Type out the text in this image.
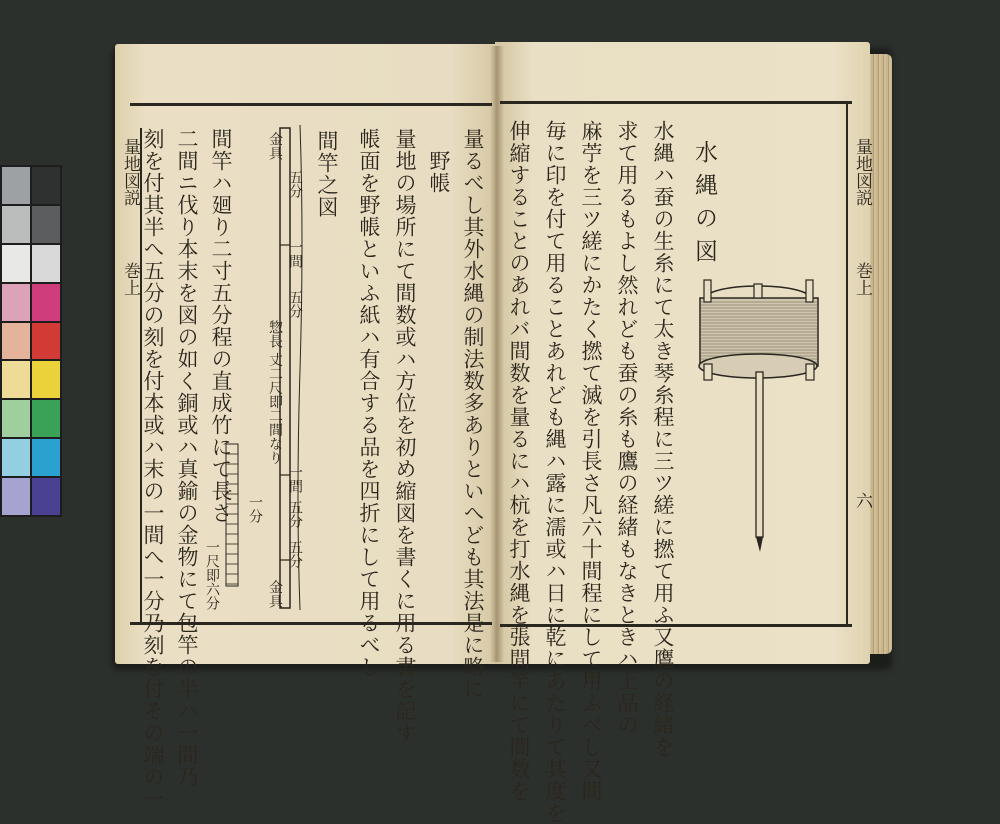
量地図説
巻上	量るべし其外水縄の制法数多ありといへども其法是に略に
野帳
量地の場所にて間数或ハ方位を初め縮図を書くに用る書を記す
帳面を野帳といふ紙ハ有合する品を四折にして用るべし
間竿之図
間竿ハ廻り二寸五分程の直成竹にて長さ
二間ニ伐り本末を図の如く銅或ハ真鍮の金物にて包竿の半ハ一間乃
刻を付其半へ五分の刻を付本或ハ末の一間へ一分乃刻を付その端の一	金具
五分
一間
五分
惣長 丈二尺即二間なり
一間
五分
五分
一分
一尺即六分	金具
量地図説
巻上
六
水縄の図
水縄ハ蚕の生糸にて太き琴糸程に三ツ縒に撚て用ふ又鷹の経緒を
求て用るもよし然れども蚕の糸も鷹の経緒もなきときハ上品の
麻苧を三ツ縒にかたく撚て滅を引長さ凡六十間程にして用ふべし又間
毎に印を付て用ることあれども縄ハ露に濡或ハ日に乾にあたりて其度を
伸縮することのあれバ間数を量るにハ杭を打水縄を張間竿にて間数を
